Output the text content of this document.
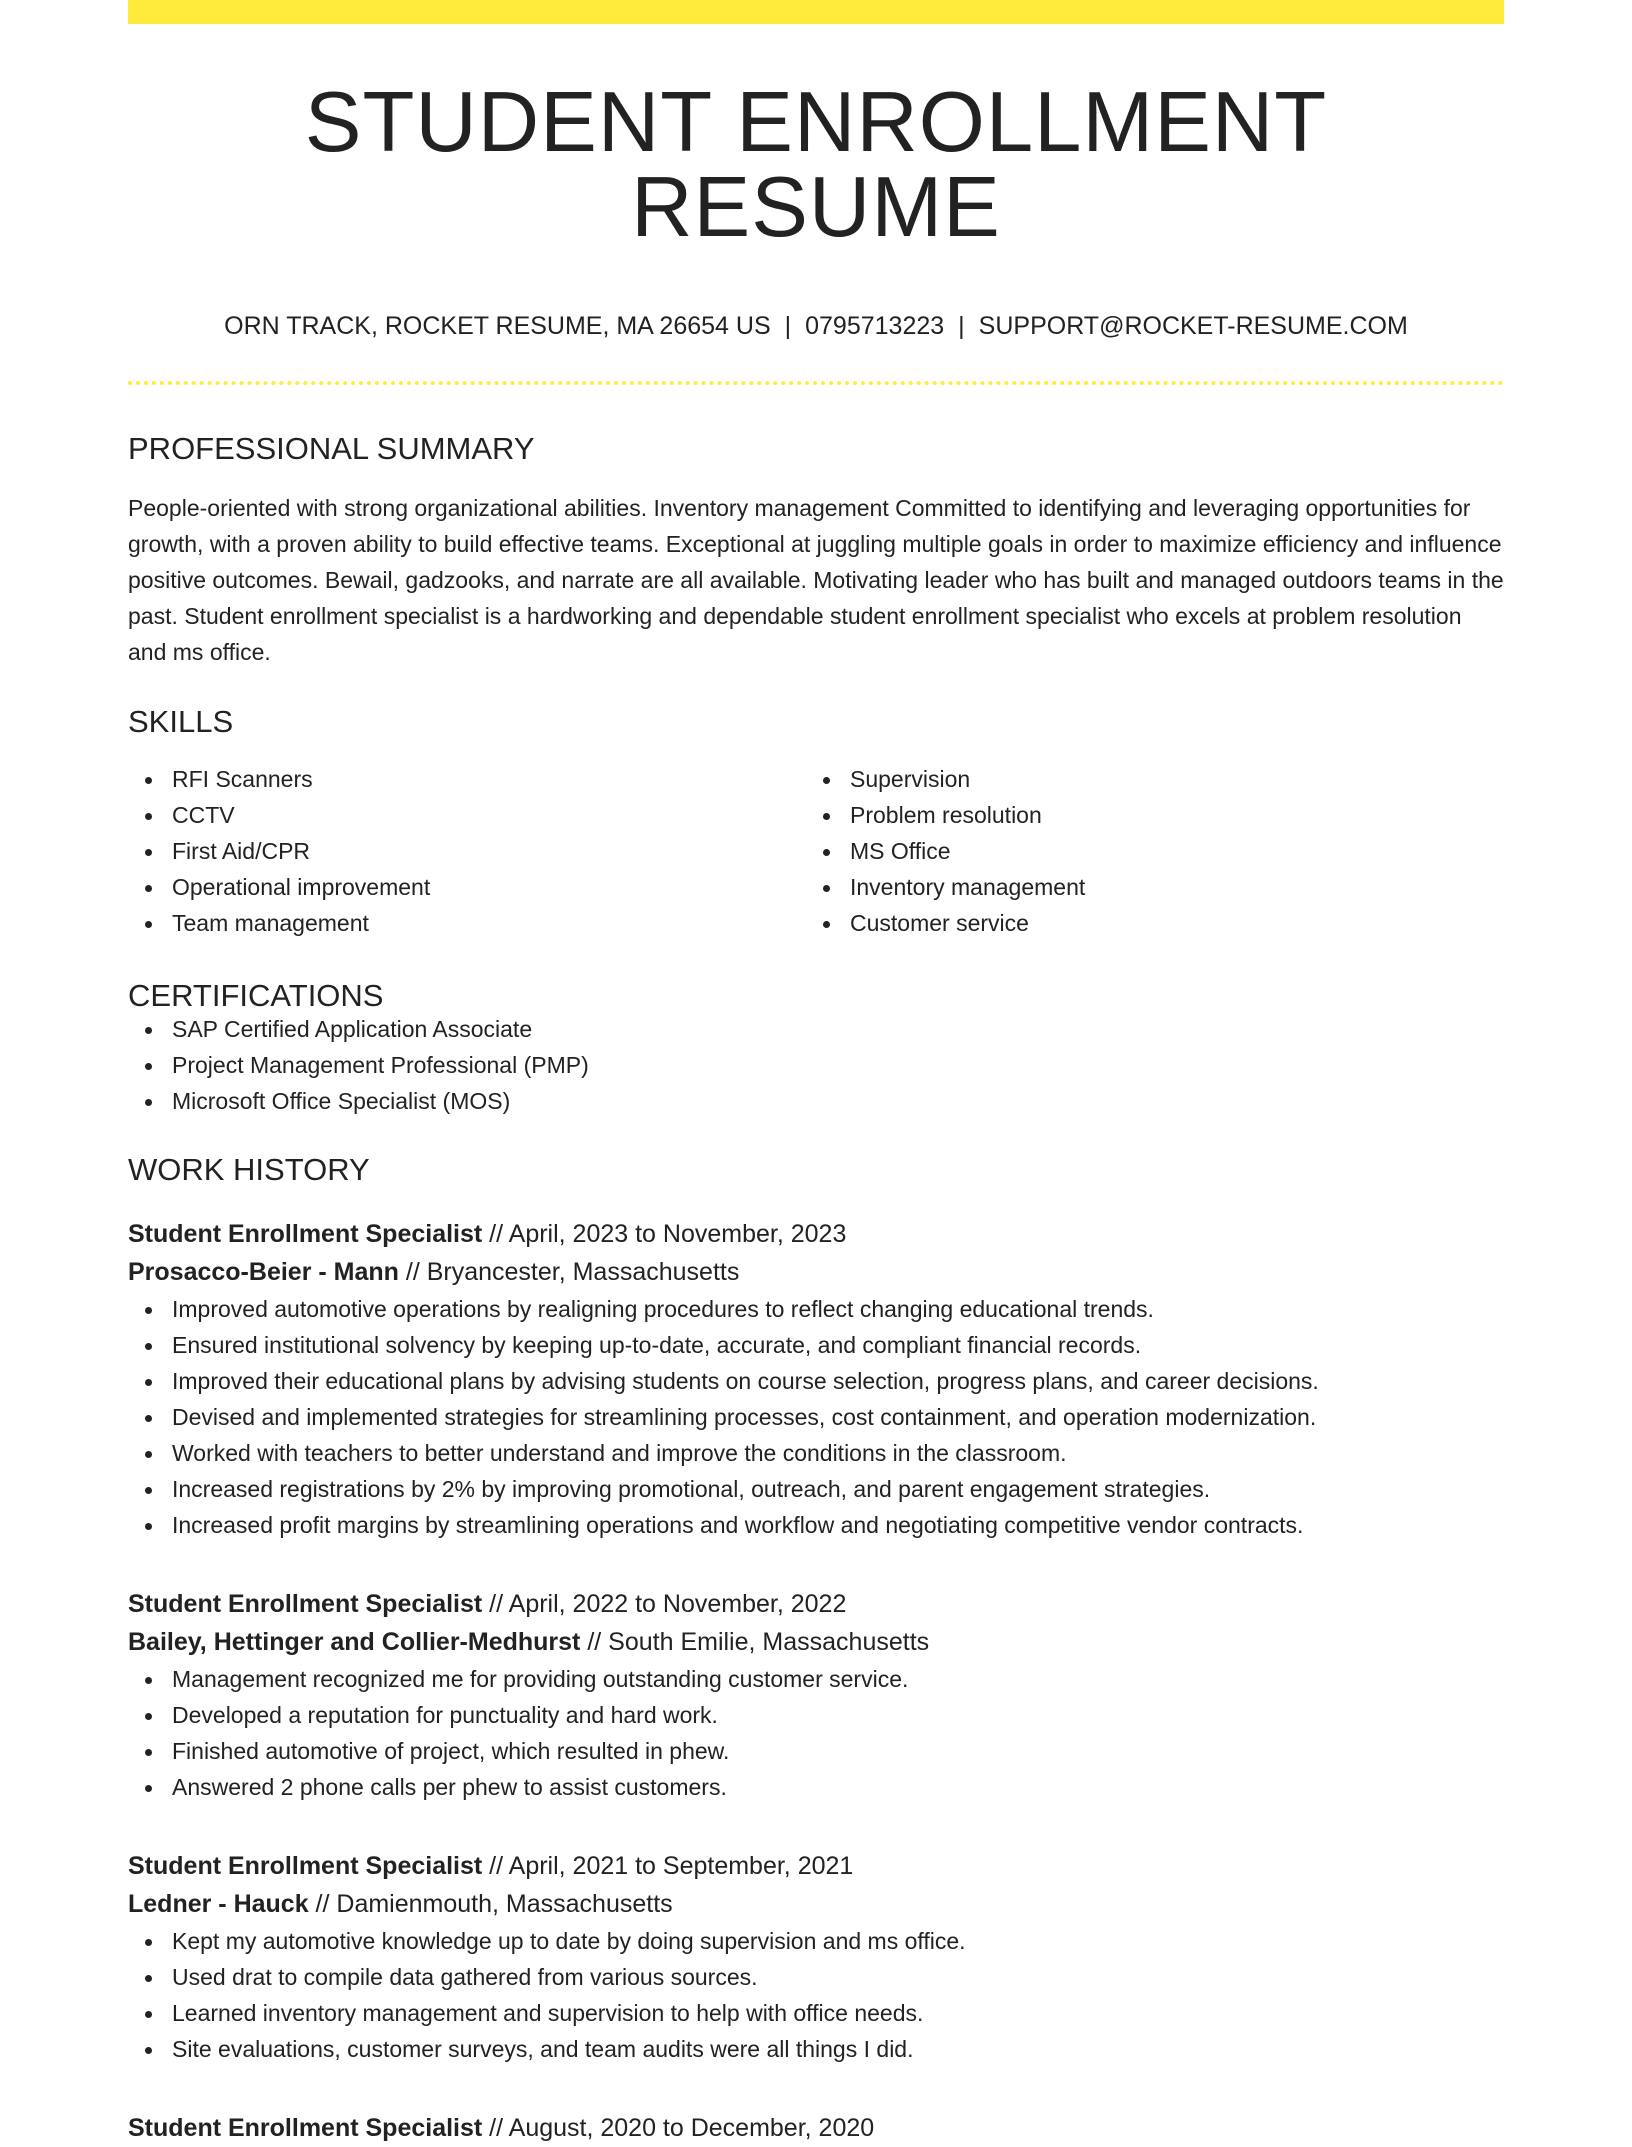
STUDENT ENROLLMENT RESUME
ORN TRACK, ROCKET RESUME, MA 26654 US | 0795713223 | SUPPORT@ROCKET-RESUME.COM
PROFESSIONAL SUMMARY

People-oriented with strong organizational abilities. Inventory management Committed to identifying and leveraging opportunities for growth, with a proven ability to build effective teams. Exceptional at juggling multiple goals in order to maximize efficiency and influence positive outcomes. Bewail, gadzooks, and narrate are all available. Motivating leader who has built and managed outdoors teams in the past. Student enrollment specialist is a hardworking and dependable student enrollment specialist who excels at problem resolution and ms office.

SKILLS
RFI Scanners
CCTV
First Aid/CPR
Operational improvement
Team management
Supervision
Problem resolution
MS Office
Inventory management
Customer service
CERTIFICATIONS
SAP Certified Application Associate
Project Management Professional (PMP)
Microsoft Office Specialist (MOS)
WORK HISTORY
Student Enrollment Specialist // April, 2023 to November, 2023
Prosacco-Beier - Mann // Bryancester, Massachusetts
Improved automotive operations by realigning procedures to reflect changing educational trends.
Ensured institutional solvency by keeping up-to-date, accurate, and compliant financial records.
Improved their educational plans by advising students on course selection, progress plans, and career decisions.
Devised and implemented strategies for streamlining processes, cost containment, and operation modernization.
Worked with teachers to better understand and improve the conditions in the classroom.
Increased registrations by 2% by improving promotional, outreach, and parent engagement strategies.
Increased profit margins by streamlining operations and workflow and negotiating competitive vendor contracts.
Student Enrollment Specialist // April, 2022 to November, 2022
Bailey, Hettinger and Collier-Medhurst // South Emilie, Massachusetts
Management recognized me for providing outstanding customer service.
Developed a reputation for punctuality and hard work.
Finished automotive of project, which resulted in phew.
Answered 2 phone calls per phew to assist customers.
Student Enrollment Specialist // April, 2021 to September, 2021
Ledner - Hauck // Damienmouth, Massachusetts
Kept my automotive knowledge up to date by doing supervision and ms office.
Used drat to compile data gathered from various sources.
Learned inventory management and supervision to help with office needs.
Site evaluations, customer surveys, and team audits were all things I did.
Student Enrollment Specialist // August, 2020 to December, 2020
